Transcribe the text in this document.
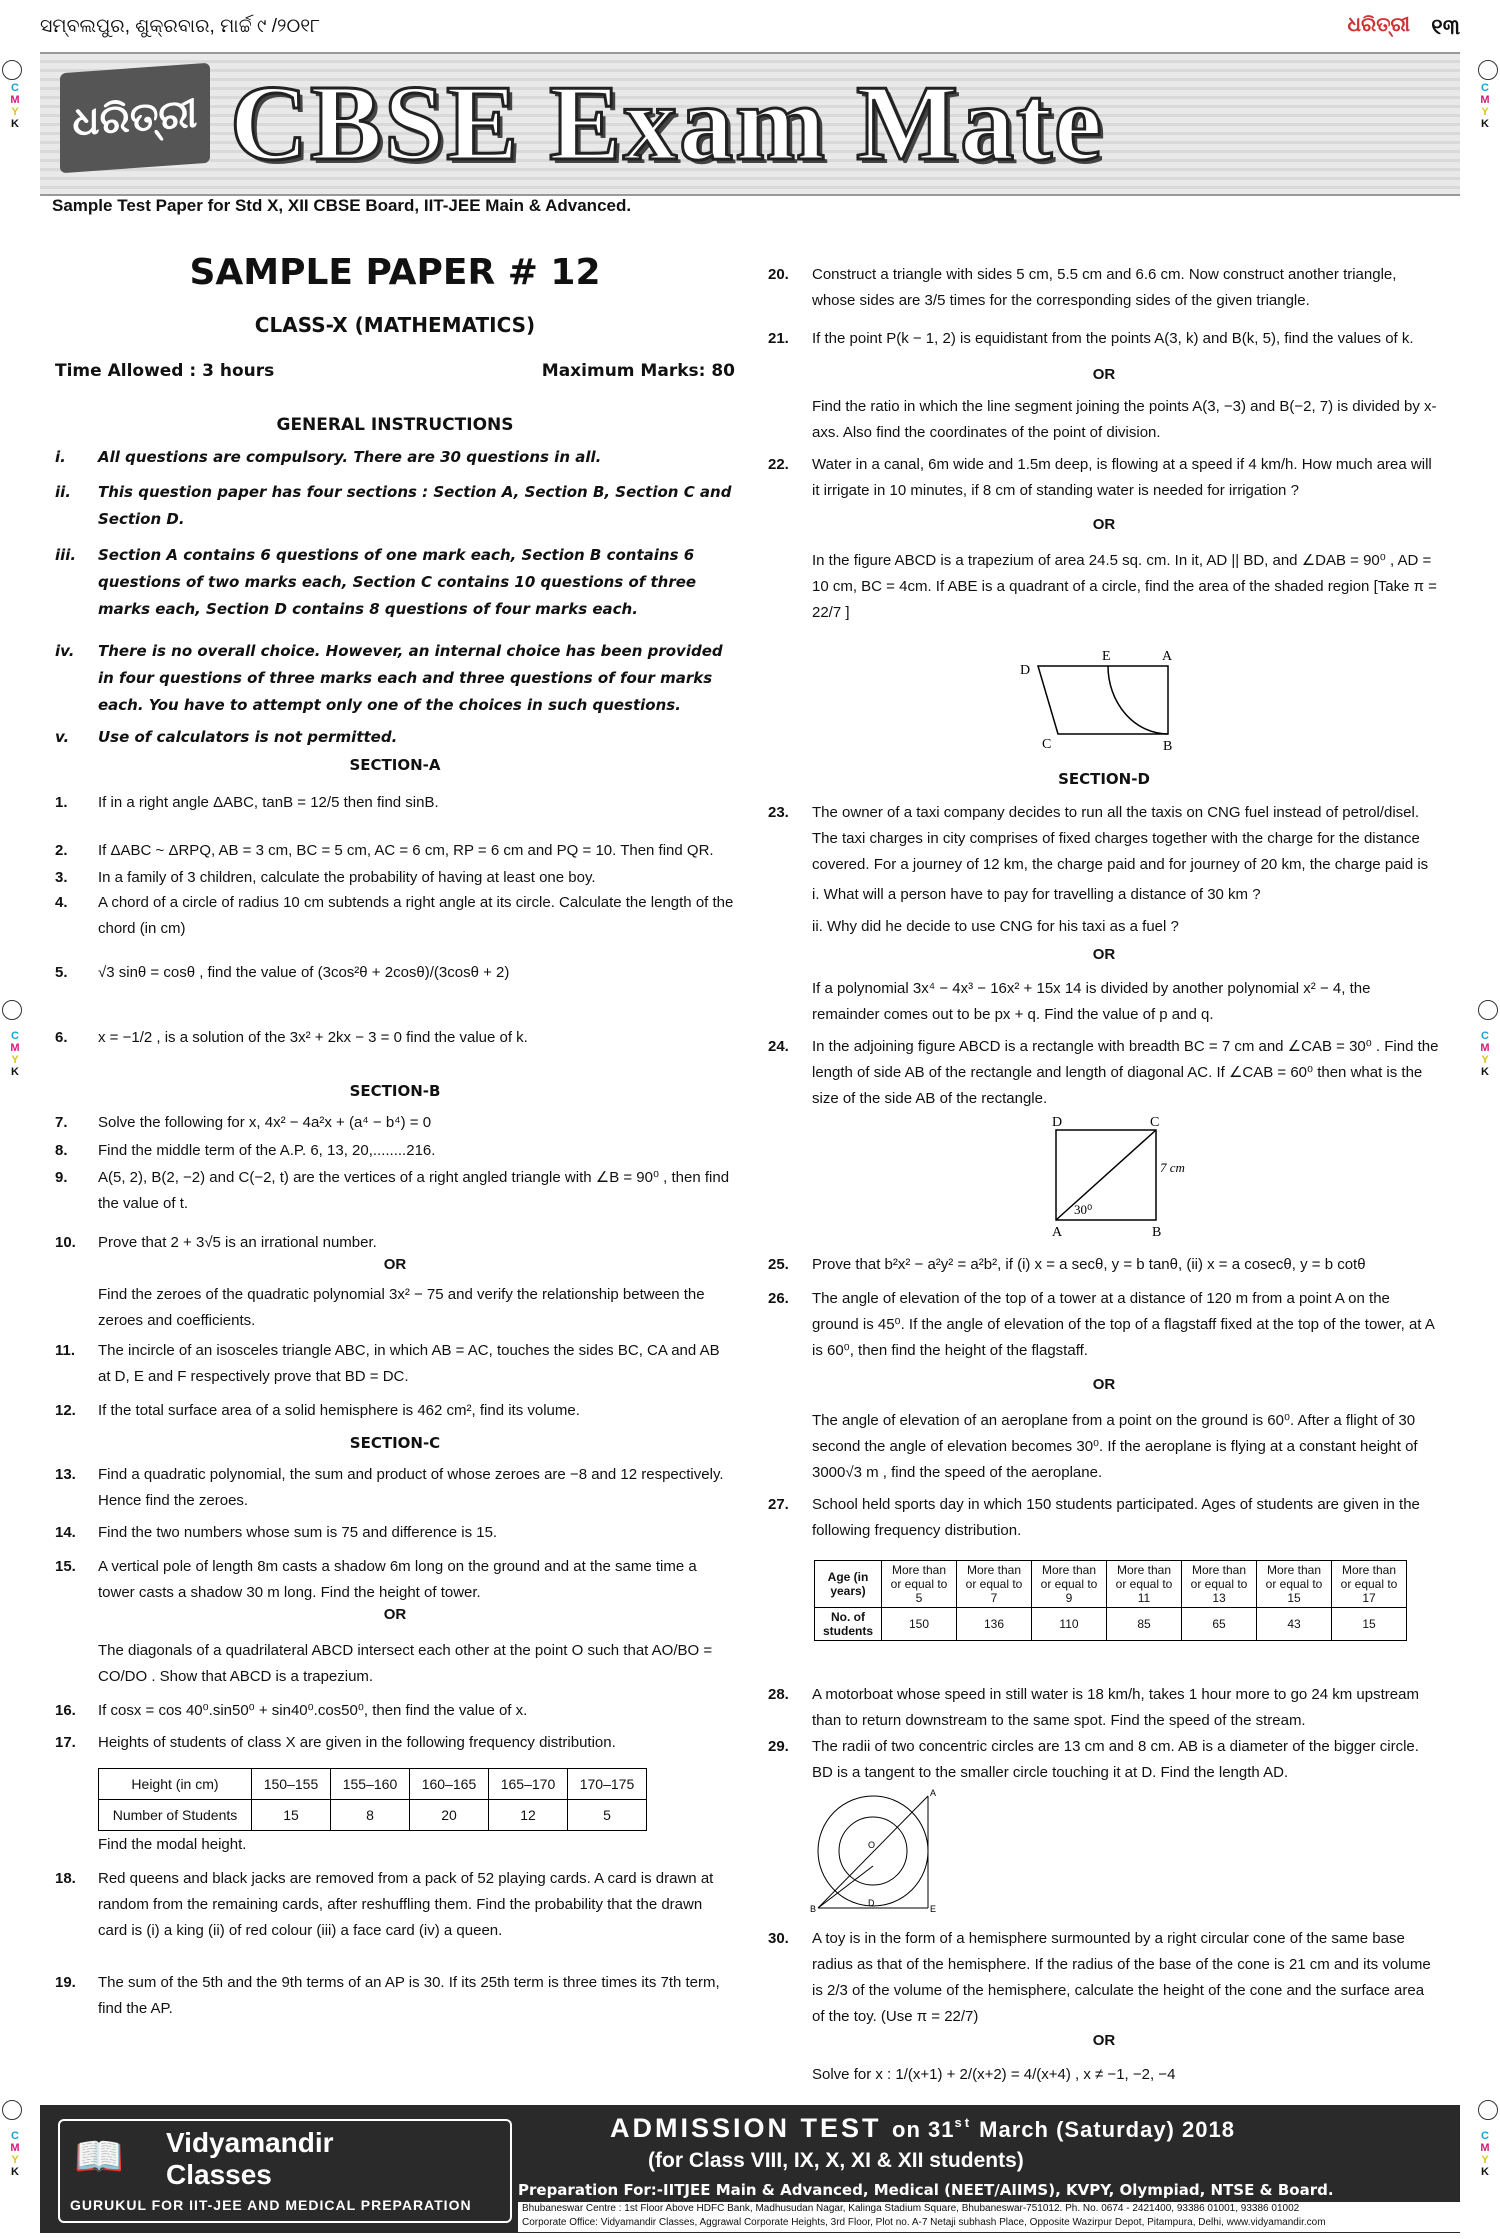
ସମ୍ବଲପୁର, ଶୁକ୍ରବାର, ମାର୍ଚ୍ଚ ୯ /୨୦୧୮	ଧରିତ୍ରୀ ୧୩
ଧରିତ୍ରୀ CBSE Exam Mate
Sample Test Paper for Std X, XII CBSE Board, IIT-JEE Main & Advanced.
SAMPLE PAPER # 12
CLASS-X (MATHEMATICS)
Time Allowed : 3 hours	Maximum Marks: 80
GENERAL INSTRUCTIONS
i. All questions are compulsory. There are 30 questions in all.
ii. This question paper has four sections : Section A, Section B, Section C and Section D.
iii. Section A contains 6 questions of one mark each, Section B contains 6 questions of two marks each, Section C contains 10 questions of three marks each, Section D contains 8 questions of four marks each.
iv. There is no overall choice. However, an internal choice has been provided in four questions of three marks each and three questions of four marks each. You have to attempt only one of the choices in such questions.
v. Use of calculators is not permitted.
SECTION-A
1. If in a right angle ΔABC, tanB = 12/5 then find sinB.
2. If ΔABC ~ ΔRPQ, AB = 3 cm, BC = 5 cm, AC = 6 cm, RP = 6 cm and PQ = 10. Then find QR.
3. In a family of 3 children, calculate the probability of having at least one boy.
4. A chord of a circle of radius 10 cm subtends a right angle at its circle. Calculate the length of the chord (in cm)
5. √3 sinθ = cosθ , find the value of (3cos²θ + 2cosθ)/(3cosθ + 2)
6. x = −1/2 , is a solution of the 3x² + 2kx − 3 = 0 find the value of k.
SECTION-B
7. Solve the following for x, 4x² − 4a²x + (a⁴ − b⁴) = 0
8. Find the middle term of the A.P. 6, 13, 20,........216.
9. A(5, 2), B(2, −2) and C(−2, t) are the vertices of a right angled triangle with ∠B = 90⁰ , then find the value of t.
10. Prove that 2 + 3√5 is an irrational number.
OR
Find the zeroes of the quadratic polynomial 3x² − 75 and verify the relationship between the zeroes and coefficients.
11. The incircle of an isosceles triangle ABC, in which AB = AC, touches the sides BC, CA and AB at D, E and F respectively prove that BD = DC.
12. If the total surface area of a solid hemisphere is 462 cm², find its volume.
SECTION-C
13. Find a quadratic polynomial, the sum and product of whose zeroes are −8 and 12 respectively. Hence find the zeroes.
14. Find the two numbers whose sum is 75 and difference is 15.
15. A vertical pole of length 8m casts a shadow 6m long on the ground and at the same time a tower casts a shadow 30 m long. Find the height of tower.
OR
The diagonals of a quadrilateral ABCD intersect each other at the point O such that AO/BO = CO/DO . Show that ABCD is a trapezium.
16. If cosx = cos 40⁰.sin50⁰ + sin40⁰.cos50⁰, then find the value of x.
17. Heights of students of class X are given in the following frequency distribution.
Height (in cm)	150–155	155–160	160–165	165–170	170–175
Number of Students	15	8	20	12	5
Find the modal height.
18. Red queens and black jacks are removed from a pack of 52 playing cards. A card is drawn at random from the remaining cards, after reshuffling them. Find the probability that the drawn card is (i) a king (ii) of red colour (iii) a face card (iv) a queen.
19. The sum of the 5th and the 9th terms of an AP is 30. If its 25th term is three times its 7th term, find the AP.
20. Construct a triangle with sides 5 cm, 5.5 cm and 6.6 cm. Now construct another triangle, whose sides are 3/5 times for the corresponding sides of the given triangle.
21. If the point P(k − 1, 2) is equidistant from the points A(3, k) and B(k, 5), find the values of k.
OR
Find the ratio in which the line segment joining the points A(3, −3) and B(−2, 7) is divided by x-axs. Also find the coordinates of the point of division.
22. Water in a canal, 6m wide and 1.5m deep, is flowing at a speed if 4 km/h. How much area will it irrigate in 10 minutes, if 8 cm of standing water is needed for irrigation ?
OR
In the figure ABCD is a trapezium of area 24.5 sq. cm. In it, AD || BD, and ∠DAB = 90⁰ , AD = 10 cm, BC = 4cm. If ABE is a quadrant of a circle, find the area of the shaded region [Take π = 22/7 ]
D
E	A
C	B
SECTION-D
23. The owner of a taxi company decides to run all the taxis on CNG fuel instead of petrol/disel. The taxi charges in city comprises of fixed charges together with the charge for the distance covered. For a journey of 12 km, the charge paid and for journey of 20 km, the charge paid is
i. What will a person have to pay for travelling a distance of 30 km ?
ii. Why did he decide to use CNG for his taxi as a fuel ?
OR
If a polynomial 3x⁴ − 4x³ − 16x² + 15x 14 is divided by another polynomial x² − 4, the remainder comes out to be px + q. Find the value of p and q.
24. In the adjoining figure ABCD is a rectangle with breadth BC = 7 cm and ∠CAB = 30⁰ . Find the length of side AB of the rectangle and length of diagonal AC. If ∠CAB = 60⁰ then what is the size of the side AB of the rectangle.
D	C
A	B
7 cm
30⁰
25. Prove that b²x² − a²y² = a²b², if (i) x = a secθ, y = b tanθ, (ii) x = a cosecθ, y = b cotθ
26. The angle of elevation of the top of a tower at a distance of 120 m from a point A on the ground is 45⁰. If the angle of elevation of the top of a flagstaff fixed at the top of the tower, at A is 60⁰, then find the height of the flagstaff.
OR
The angle of elevation of an aeroplane from a point on the ground is 60⁰. After a flight of 30 second the angle of elevation becomes 30⁰. If the aeroplane is flying at a constant height of 3000√3 m , find the speed of the aeroplane.
27. School held sports day in which 150 students participated. Ages of students are given in the following frequency distribution.
Age (in years)	More than or equal to 5	More than or equal to 7	More than or equal to 9	More than or equal to 11	More than or equal to 13	More than or equal to 15	More than or equal to 17
No. of students	150	136	110	85	65	43	15
28. A motorboat whose speed in still water is 18 km/h, takes 1 hour more to go 24 km upstream than to return downstream to the same spot. Find the speed of the stream.
29. The radii of two concentric circles are 13 cm and 8 cm. AB is a diameter of the bigger circle. BD is a tangent to the smaller circle touching it at D. Find the length AD.
A
B
D
E
O
30. A toy is in the form of a hemisphere surmounted by a right circular cone of the same base radius as that of the hemisphere. If the radius of the base of the cone is 21 cm and its volume is 2/3 of the volume of the hemisphere, calculate the height of the cone and the surface area of the toy. (Use π = 22/7)
OR
Solve for x : 1/(x+1) + 2/(x+2) = 4/(x+4) , x ≠ −1, −2, −4
📖 Vidyamandir
Classes
GURUKUL FOR IIT-JEE AND MEDICAL PREPARATION
ADMISSION TEST on 31st March (Saturday) 2018
(for Class VIII, IX, X, XI & XII students)
Preparation For:-IITJEE Main & Advanced, Medical (NEET/AIIMS), KVPY, Olympiad, NTSE & Board.
Bhubaneswar Centre : 1st Floor Above HDFC Bank, Madhusudan Nagar, Kalinga Stadium Square, Bhubaneswar-751012. Ph. No. 0674 - 2421400, 93386 01001, 93386 01002
Corporate Office: Vidyamandir Classes, Aggrawal Corporate Heights, 3rd Floor, Plot no. A-7 Netaji subhash Place, Opposite Wazirpur Depot, Pitampura, Delhi, www.vidyamandir.com
C
M
Y
K
C
M
Y
K
C
M
Y
K
C
M
Y
K
C
M
Y
K
C
M
Y
K
